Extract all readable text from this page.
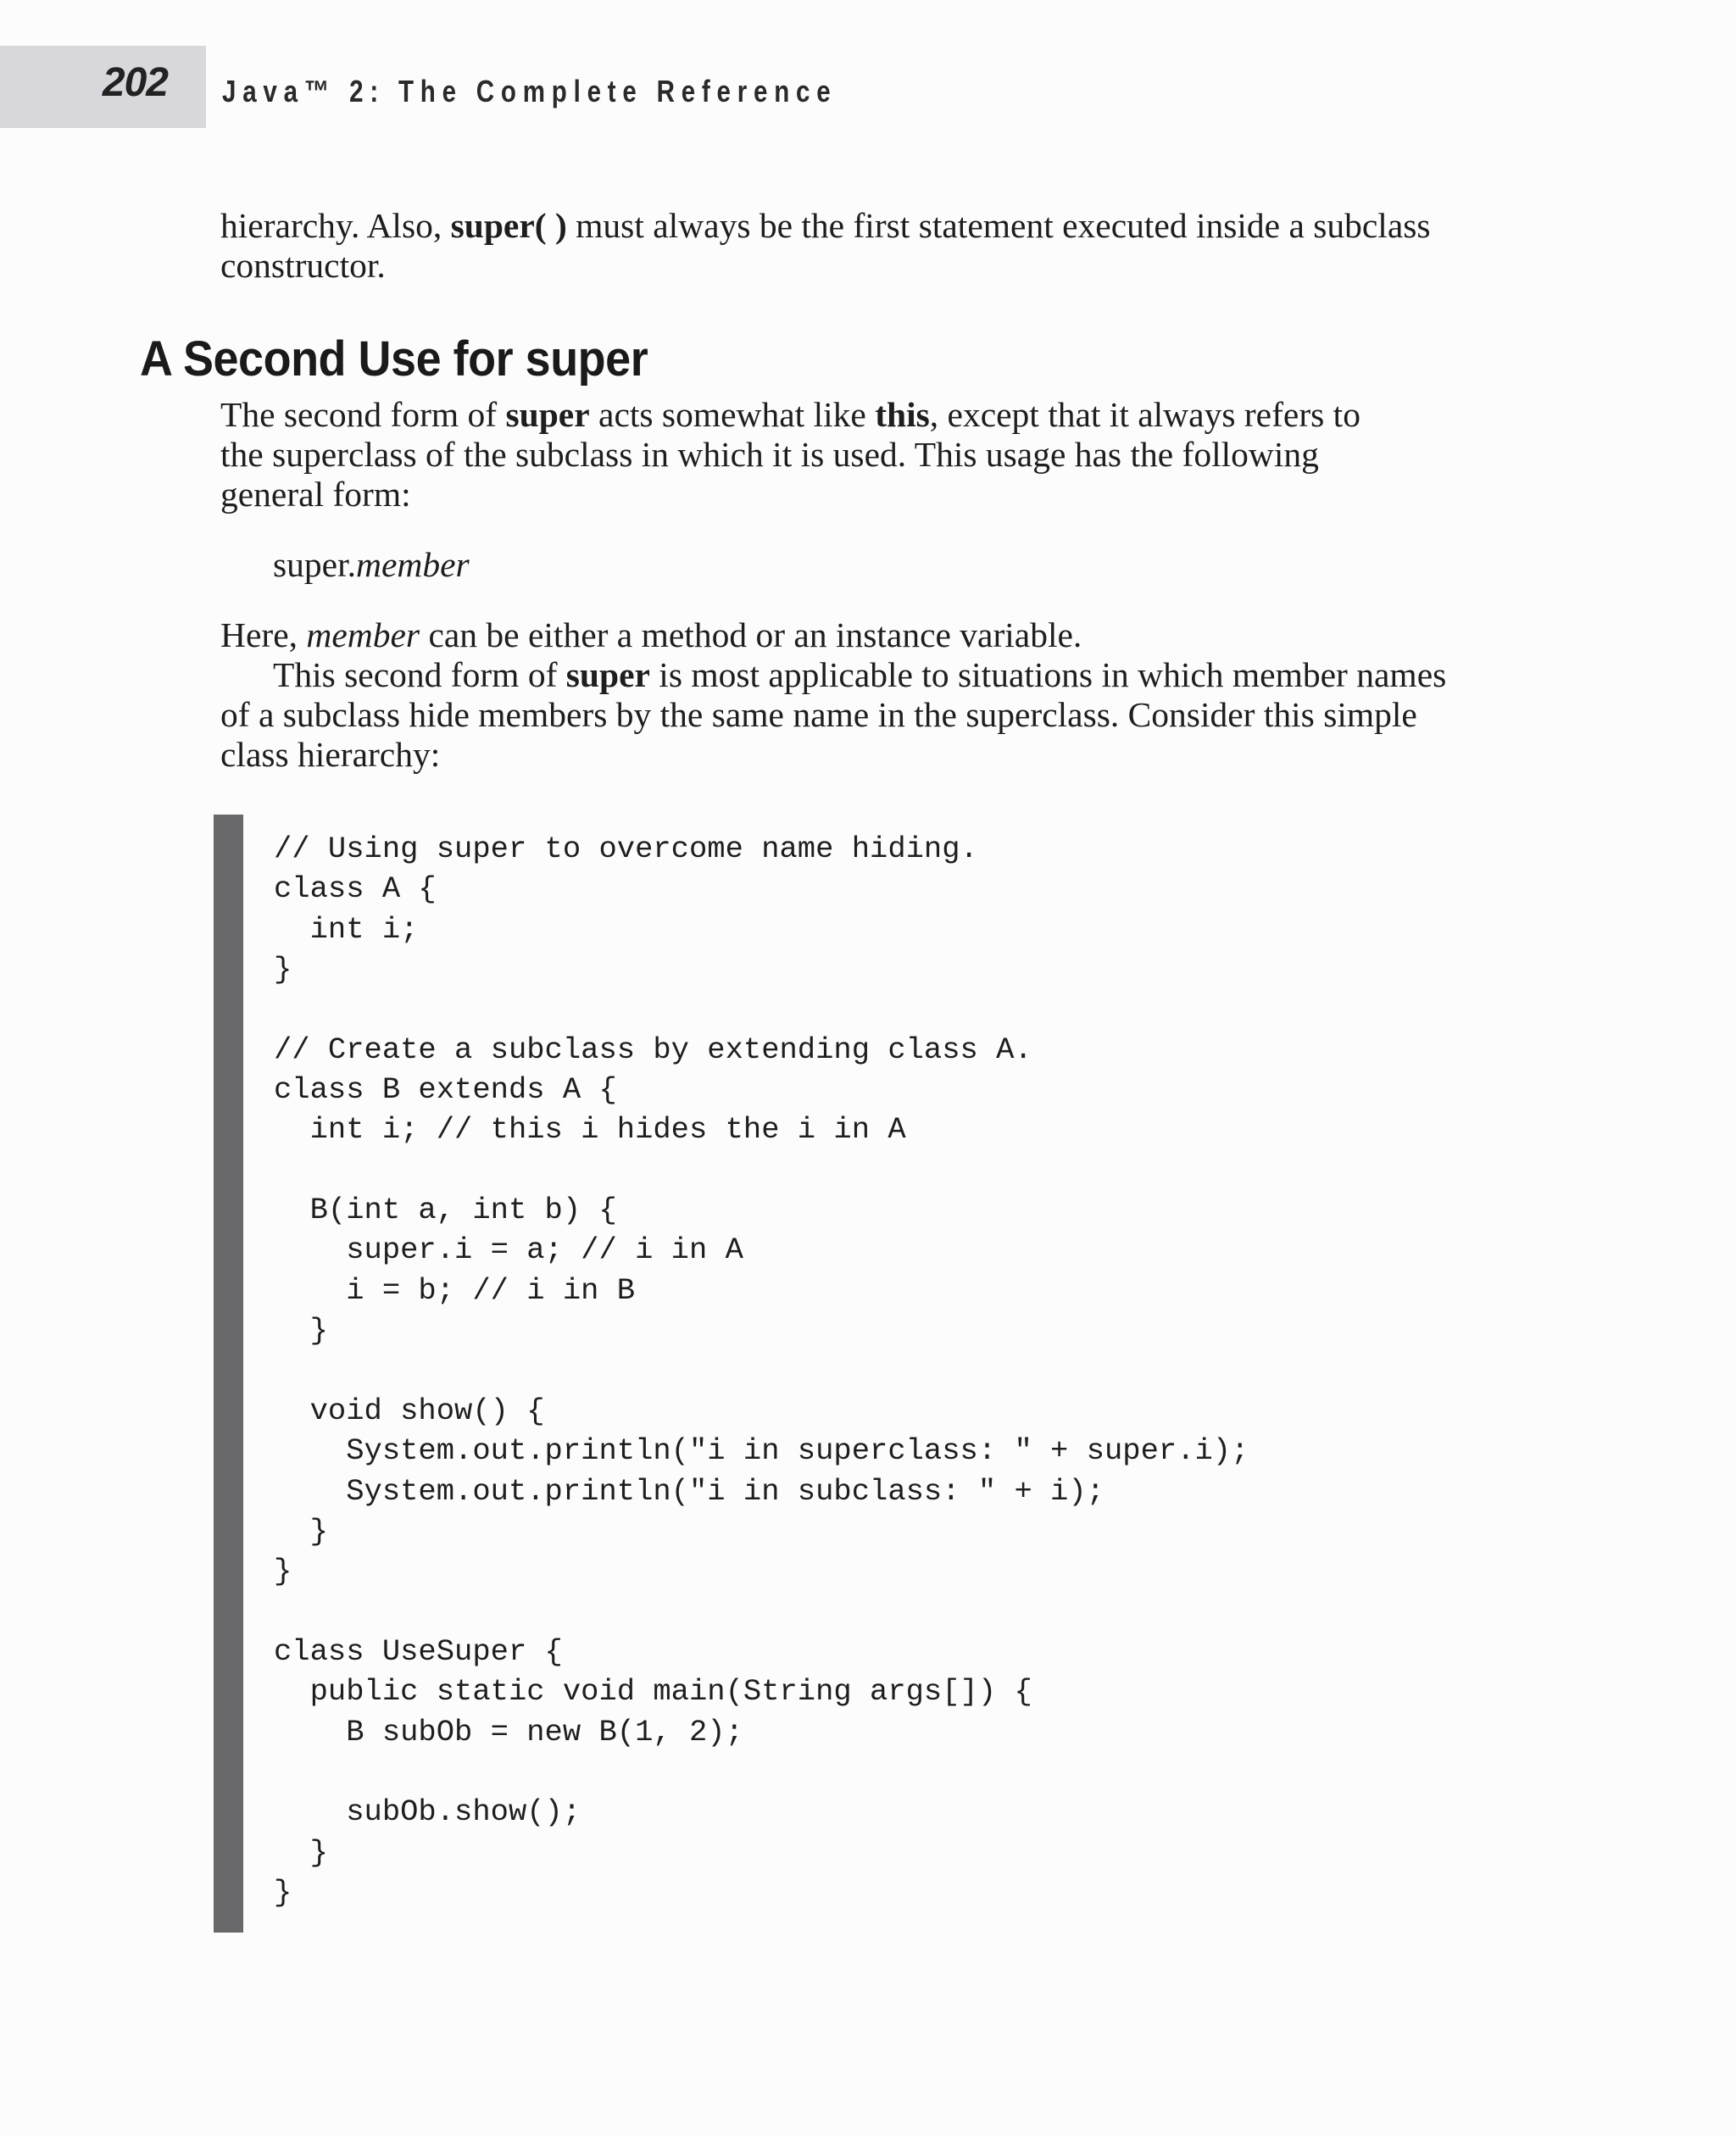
202 Java™ 2: The Complete Reference

hierarchy. Also, super( ) must always be the first statement executed inside a subclass

constructor.

A Second Use for super

The second form of super acts somewhat like this, except that it always refers to

the superclass of the subclass in which it is used. This usage has the following

general form:

super.member

Here, member can be either a method or an instance variable.

This second form of super is most applicable to situations in which member names

of a subclass hide members by the same name in the superclass. Consider this simple

class hierarchy:

// Using super to overcome name hiding.
class A {
int i;
}
// Create a subclass by extending class A.
class B extends A {
int i; // this i hides the i in A
B(int a, int b) {
super.i = a; // i in A
i = b; // i in B
}
void show() {
System.out.println("i in superclass: " + super.i);
System.out.println("i in subclass: " + i);
}
}
class UseSuper {
public static void main(String args[]) {
B subOb = new B(1, 2);
subOb.show();
}
}
